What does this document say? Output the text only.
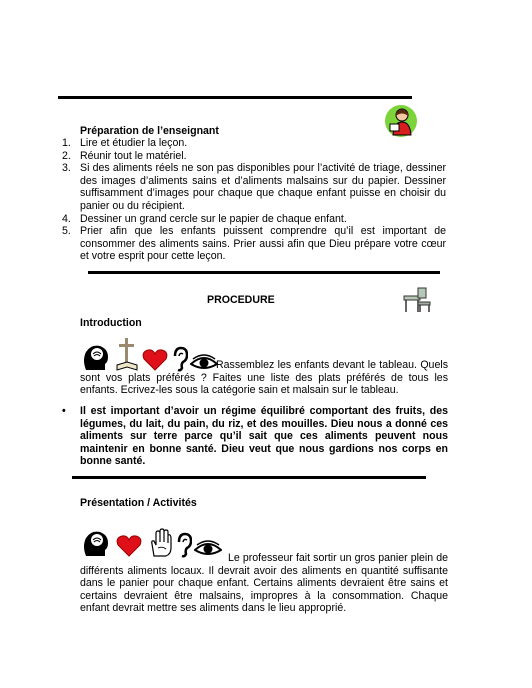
Préparation de l’enseignant
1. Lire et étudier la leçon.
2. Réunir tout le matériel.
3. Si des aliments réels ne son pas disponibles pour l’activité de triage, dessiner des images d’aliments sains et d’aliments malsains sur du papier. Dessiner suffisamment d’images pour chaque que chaque enfant puisse en choisir du panier ou du récipient.
4. Dessiner un grand cercle sur le papier de chaque enfant.
5. Prier afin que les enfants puissent comprendre qu’il est important de consommer des aliments sains. Prier aussi afin que Dieu prépare votre cœur et votre esprit pour cette leçon.
PROCEDURE
Introduction
Rassemblez les enfants devant le tableau. Quels sont vos plats préférés ? Faites une liste des plats préférés de tous les enfants. Ecrivez-les sous la catégorie sain et malsain sur le tableau.
• Il est important d’avoir un régime équilibré comportant des fruits, des légumes, du lait, du pain, du riz, et des mouilles. Dieu nous a donné ces aliments sur terre parce qu’il sait que ces aliments peuvent nous maintenir en bonne santé. Dieu veut que nous gardions nos corps en bonne santé.
Présentation / Activités
Le professeur fait sortir un gros panier plein de différents aliments locaux. Il devrait avoir des aliments en quantité suffisante dans le panier pour chaque enfant. Certains aliments devraient être sains et certains devraient être malsains, impropres à la consommation. Chaque enfant devrait mettre ses aliments dans le lieu approprié.
